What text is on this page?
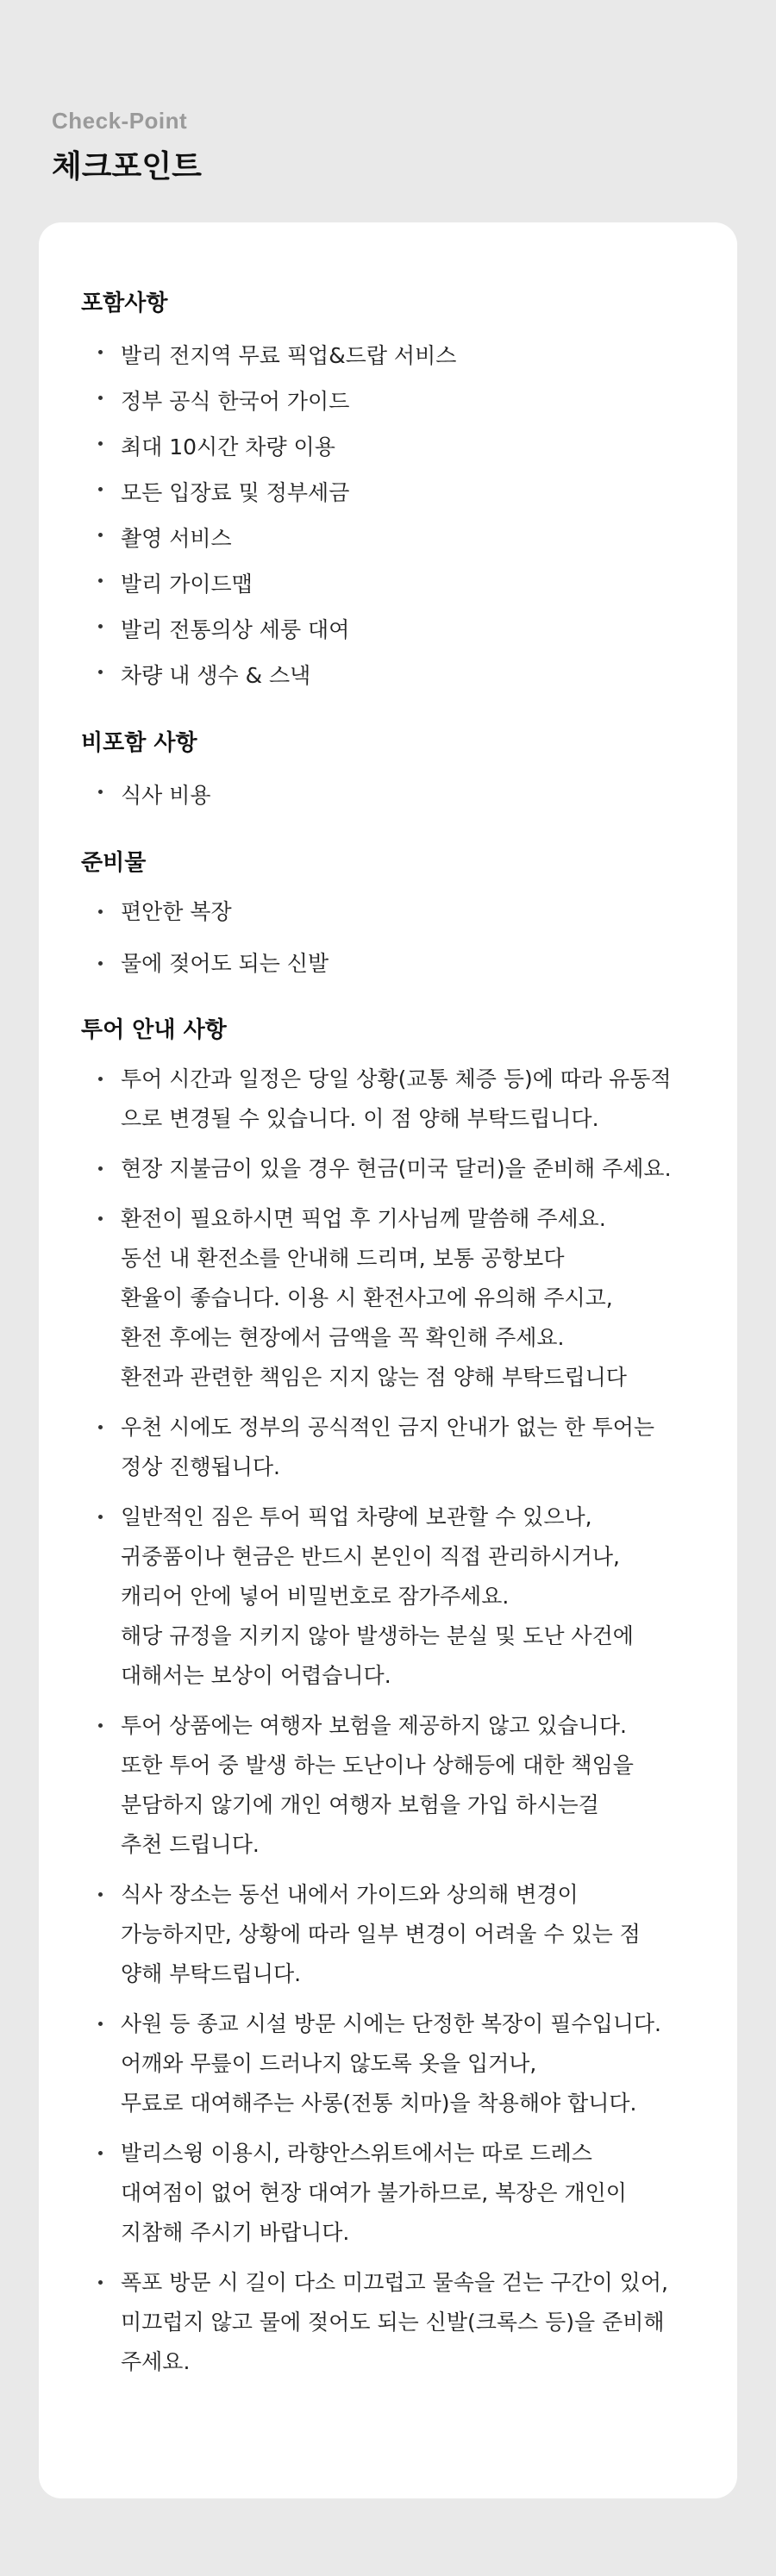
Check-Point
체크포인트
포함사항
발리 전지역 무료 픽업&드랍 서비스
정부 공식 한국어 가이드
최대 10시간 차량 이용
모든 입장료 및 정부세금
촬영 서비스
발리 가이드맵
발리 전통의상 세룽 대여
차량 내 생수 & 스낵
비포함 사항
식사 비용
준비물
편안한 복장
물에 젖어도 되는 신발
투어 안내 사항
투어 시간과 일정은 당일 상황(교통 체증 등)에 따라 유동적
으로 변경될 수 있습니다. 이 점 양해 부탁드립니다.
현장 지불금이 있을 경우 현금(미국 달러)을 준비해 주세요.
환전이 필요하시면 픽업 후 기사님께 말씀해 주세요.
동선 내 환전소를 안내해 드리며, 보통 공항보다
환율이 좋습니다. 이용 시 환전사고에 유의해 주시고,
환전 후에는 현장에서 금액을 꼭 확인해 주세요.
환전과 관련한 책임은 지지 않는 점 양해 부탁드립니다
우천 시에도 정부의 공식적인 금지 안내가 없는 한 투어는
정상 진행됩니다.
일반적인 짐은 투어 픽업 차량에 보관할 수 있으나,
귀중품이나 현금은 반드시 본인이 직접 관리하시거나,
캐리어 안에 넣어 비밀번호로 잠가주세요.
해당 규정을 지키지 않아 발생하는 분실 및 도난 사건에
대해서는 보상이 어렵습니다.
투어 상품에는 여행자 보험을 제공하지 않고 있습니다.
또한 투어 중 발생 하는 도난이나 상해등에 대한 책임을
분담하지 않기에 개인 여행자 보험을 가입 하시는걸
추천 드립니다.
식사 장소는 동선 내에서 가이드와 상의해 변경이
가능하지만, 상황에 따라 일부 변경이 어려울 수 있는 점
양해 부탁드립니다.
사원 등 종교 시설 방문 시에는 단정한 복장이 필수입니다.
어깨와 무릎이 드러나지 않도록 옷을 입거나,
무료로 대여해주는 사롱(전통 치마)을 착용해야 합니다.
발리스윙 이용시, 라향안스위트에서는 따로 드레스
대여점이 없어 현장 대여가 불가하므로, 복장은 개인이
지참해 주시기 바랍니다.
폭포 방문 시 길이 다소 미끄럽고 물속을 걷는 구간이 있어,
미끄럽지 않고 물에 젖어도 되는 신발(크록스 등)을 준비해
주세요.
